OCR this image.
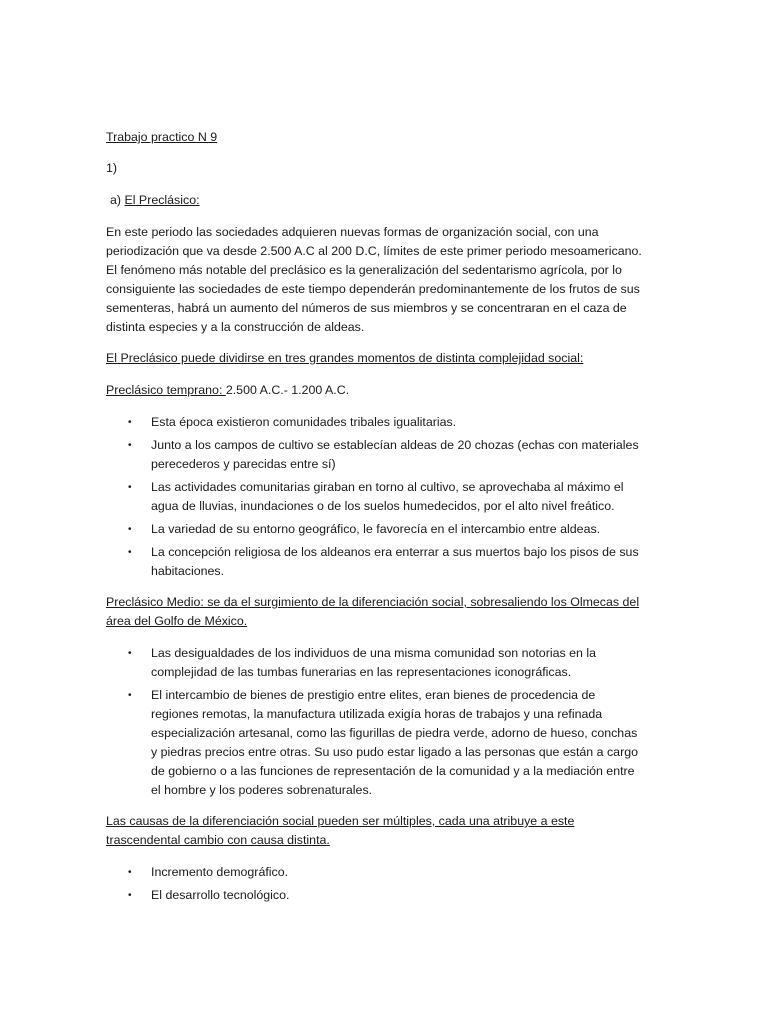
Trabajo practico N 9

1)

a) El Preclásico:

En este periodo las sociedades adquieren nuevas formas de organización social, con una periodización que va desde 2.500 A.C al 200 D.C, límites de este primer periodo mesoamericano. El fenómeno más notable del preclásico es la generalización del sedentarismo agrícola, por lo consiguiente las sociedades de este tiempo dependerán predominantemente de los frutos de sus sementeras, habrá un aumento del números de sus miembros y se concentraran en el caza de distinta especies y a la construcción de aldeas.

El Preclásico puede dividirse en tres grandes momentos de distinta complejidad social:

Preclásico temprano: 2.500 A.C.- 1.200 A.C.

• Esta época existieron comunidades tribales igualitarias.
• Junto a los campos de cultivo se establecían aldeas de 20 chozas (echas con materiales perecederos y parecidas entre sí)
• Las actividades comunitarias giraban en torno al cultivo, se aprovechaba al máximo el agua de lluvias, inundaciones o de los suelos humedecidos, por el alto nivel freático.
• La variedad de su entorno geográfico, le favorecía en el intercambio entre aldeas.
• La concepción religiosa de los aldeanos era enterrar a sus muertos bajo los pisos de sus habitaciones.

Preclásico Medio: se da el surgimiento de la diferenciación social, sobresaliendo los Olmecas del área del Golfo de México.

• Las desigualdades de los individuos de una misma comunidad son notorias en la complejidad de las tumbas funerarias en las representaciones iconográficas.
• El intercambio de bienes de prestigio entre elites, eran bienes de procedencia de regiones remotas, la manufactura utilizada exigía horas de trabajos y una refinada especialización artesanal, como las figurillas de piedra verde, adorno de hueso, conchas y piedras precios entre otras. Su uso pudo estar ligado a las personas que están a cargo de gobierno o a las funciones de representación de la comunidad y a la mediación entre el hombre y los poderes sobrenaturales.

Las causas de la diferenciación social pueden ser múltiples, cada una atribuye a este trascendental cambio con causa distinta.

• Incremento demográfico.
• El desarrollo tecnológico.
